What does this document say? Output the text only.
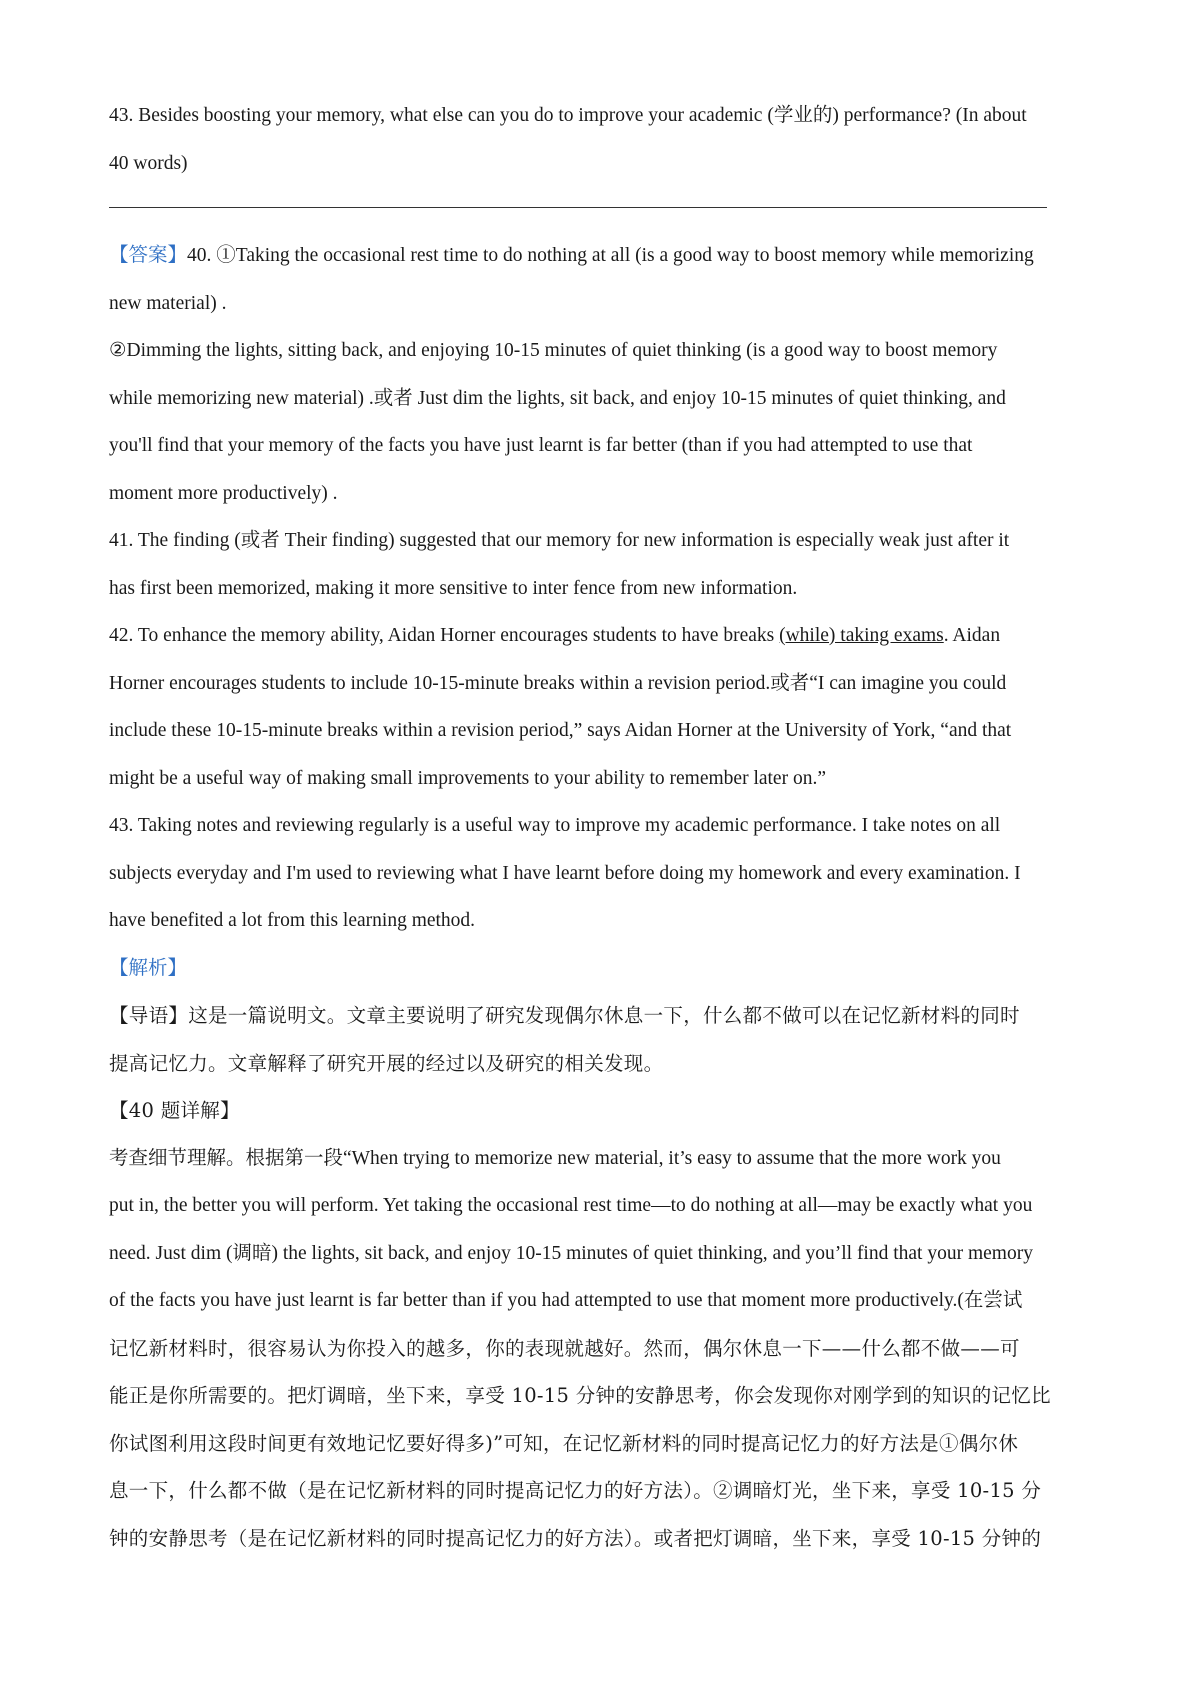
43. Besides boosting your memory, what else can you do to improve your academic (学业的) performance? (In about

40 words)

【答案】40. ①Taking the occasional rest time to do nothing at all (is a good way to boost memory while memorizing

new material) .

②Dimming the lights, sitting back, and enjoying 10-15 minutes of quiet thinking (is a good way to boost memory

while memorizing new material) .或者 Just dim the lights, sit back, and enjoy 10-15 minutes of quiet thinking, and

you'll find that your memory of the facts you have just learnt is far better (than if you had attempted to use that

moment more productively) .

41. The finding (或者 Their finding) suggested that our memory for new information is especially weak just after it

has first been memorized, making it more sensitive to inter fence from new information.

42. To enhance the memory ability, Aidan Horner encourages students to have breaks (while) taking exams. Aidan

Horner encourages students to include 10-15-minute breaks within a revision period.或者“I can imagine you could

include these 10-15-minute breaks within a revision period,” says Aidan Horner at the University of York, “and that

might be a useful way of making small improvements to your ability to remember later on.”

43. Taking notes and reviewing regularly is a useful way to improve my academic performance. I take notes on all

subjects everyday and I'm used to reviewing what I have learnt before doing my homework and every examination. I

have benefited a lot from this learning method.

【解析】

【导语】这是一篇说明文。文章主要说明了研究发现偶尔休息一下，什么都不做可以在记忆新材料的同时

提高记忆力。文章解释了研究开展的经过以及研究的相关发现。

【40 题详解】

考查细节理解。根据第一段“When trying to memorize new material, it’s easy to assume that the more work you

put in, the better you will perform. Yet taking the occasional rest time—to do nothing at all—may be exactly what you

need. Just dim (调暗) the lights, sit back, and enjoy 10-15 minutes of quiet thinking, and you’ll find that your memory

of the facts you have just learnt is far better than if you had attempted to use that moment more productively.(在尝试

记忆新材料时，很容易认为你投入的越多，你的表现就越好。然而，偶尔休息一下——什么都不做——可

能正是你所需要的。把灯调暗，坐下来，享受 10-15 分钟的安静思考，你会发现你对刚学到的知识的记忆比

你试图利用这段时间更有效地记忆要好得多)”可知，在记忆新材料的同时提高记忆力的好方法是①偶尔休

息一下，什么都不做（是在记忆新材料的同时提高记忆力的好方法）。②调暗灯光，坐下来，享受 10-15 分

钟的安静思考（是在记忆新材料的同时提高记忆力的好方法）。或者把灯调暗，坐下来，享受 10-15 分钟的
